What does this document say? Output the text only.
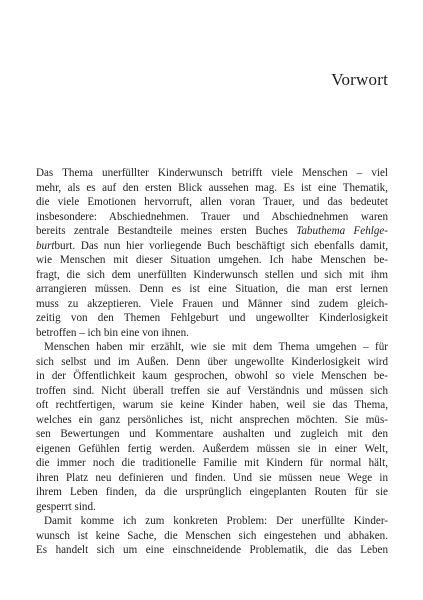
Vorwort
Das Thema unerfüllter Kinderwunsch betrifft viele Menschen – viel
mehr, als es auf den ersten Blick aussehen mag. Es ist eine Thematik,
die viele Emotionen hervorruft, allen voran Trauer, und das bedeutet
insbesondere: Abschiednehmen. Trauer und Abschiednehmen waren
bereits zentrale Bestandteile meines ersten Buches Tabuthema Fehlge-
burtburt. Das nun hier vorliegende Buch beschäftigt sich ebenfalls damit,
wie Menschen mit dieser Situation umgehen. Ich habe Menschen be-
fragt, die sich dem unerfüllten Kinderwunsch stellen und sich mit ihm
arrangieren müssen. Denn es ist eine Situation, die man erst lernen
muss zu akzeptieren. Viele Frauen und Männer sind zudem gleich-
zeitig von den Themen Fehlgeburt und ungewollter Kinderlosigkeit
betroffen – ich bin eine von ihnen.
Menschen haben mir erzählt, wie sie mit dem Thema umgehen – für
sich selbst und im Außen. Denn über ungewollte Kinderlosigkeit wird
in der Öffentlichkeit kaum gesprochen, obwohl so viele Menschen be-
troffen sind. Nicht überall treffen sie auf Verständnis und müssen sich
oft rechtfertigen, warum sie keine Kinder haben, weil sie das Thema,
welches ein ganz persönliches ist, nicht ansprechen möchten. Sie müs-
sen Bewertungen und Kommentare aushalten und zugleich mit den
eigenen Gefühlen fertig werden. Außerdem müssen sie in einer Welt,
die immer noch die traditionelle Familie mit Kindern für normal hält,
ihren Platz neu definieren und finden. Und sie müssen neue Wege in
ihrem Leben finden, da die ursprünglich eingeplanten Routen für sie
gesperrt sind.
Damit komme ich zum konkreten Problem: Der unerfüllte Kinder-
wunsch ist keine Sache, die Menschen sich eingestehen und abhaken.
Es handelt sich um eine einschneidende Problematik, die das Leben
